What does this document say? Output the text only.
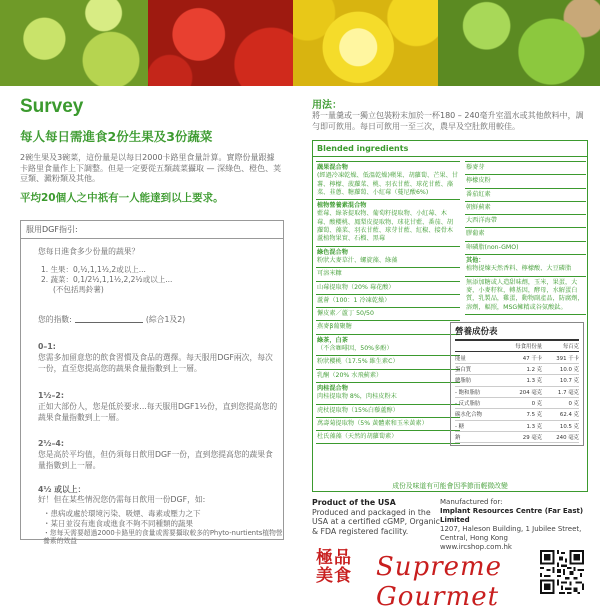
Survey
每人每日需進食2份生果及3份蔬菜
2碗生果及3碗菜，這份量是以每日2000卡路里食量計算。實際份量跟據卡路里食量作上下調整。但是一定要從五類蔬菜攝取 — 深綠色、橙色、荚豆類、澱粉類及其他。
平均20個人之中祇有一人能達到以上要求。
服用DGF指引:
您每日進食多少份量的蔬果？
1. 生果：0,½,1,1½,2或以上...
2. 蔬菜：0,1/2½,1,1½,2,2½或以上...
(不包括馬鈴薯)
您的指數:	(綜合1及2)
0–1:
您需多加留意您的飲食習慣及食品的選擇。每天服用DGF兩次，每次一份，直至您提高您的蔬果食量指數到上一層。
1½–2:
正如大部份人，您是低於要求...每天服用DGF1½份，直到您提高您的蔬果食量指數到上一層。
2½–4:
您是高於平均值，但仍須每日飲用DGF一份，直到您提高您的蔬果食量指數到上一層。
4½ 或以上：
好！但在某些情況您仍需每日飲用一份DGF，如:
・患病或處於環境污染、吸煙、毒素或壓力之下
・某日並沒有進食或進食不夠不同種類的蔬果
・您每天需要超過2000卡路里的食量或需要攝取較多的Phyto-nurtients植物營養素的效益
用法：
將一量羹或一獨立包裝粉末加於一杯180 – 240毫升室溫水或其他飲料中，調勻即可飲用。每日可飲用一至三次，農早及空肚飲用較佳。
Blended ingredients
蔬果混合物
(經過冷凍乾燥、低溫乾燥)蘋果、胡蘿蔔、芒果、甘薯、檸檬、菠蘿菜、桃、羽衣甘藍、球花甘藍、藻菜、韭蔥、糖蘿蔔、小紅莓（蔓尼酸6%)
植物營養素混合物
藍莓、綠茶提取物、葡萄籽提取物、小紅莓、木莓、酸櫻桃、鳳梨皮提取物、球花甘藍、番茄、胡蘿蔔、藻菜、羽衣甘藍、球芽甘藍、紅椒、接骨木蘆植物果實、石榴、黑莓
綠色混合物
粉狀大麥草汁、螺旋藻、綠藻
可溶米糠
山莓提取物（20% 莓花酸）
蘆薈（100：1 冷凍乾燥）
懈皮素／蘆丁 50/50
燕麥β葡聚糖
綠茶，白茶
（不含咖啡因，50%多酚）
粉狀櫻桃（17.5% 維生素C）
乳酮（20% 水飛薊素）
肉桂混合物
肉桂提取物 8%，肉桂皮粉末
虎杖提取物（15%白藜蘆醇）
萬壽菊提取物（5% 黃體素和玉米黃素）
杜氏藻藻（天然的胡蘿蔔素）
藜麥芽
檸檬皮粉
番茄紅素
朝鮮薊素
大西洋海帶
膠葡素
卵磷脂(non-GMO)
其他：
植物提煉天然香料、檸檬酸、大豆磷脂
無添加糖或人造甜味劑，玉米，果蛋，大麥，小麥籽粒，轉基因，酵母，水解蛋白質，乳製品，雞蛋，動物副產品，防腐劑，溶劑，輻照，MSG擁精或谷氨酸鈦。
營養成份表
	每食用份量	每百克
能量	47 千卡	391 千卡
蛋白質	1.2 克	10.0 克
總脂肪	1.3 克	10.7 克
- 飽和脂肪	204 毫克	1.7 毫克
- 反式脂肪	0 克	0 克
碳水化合物	7.5 克	62.4 克
- 糖	1.3 克	10.5 克
鈉	29 毫克	240 毫克
成份及味道有可能會因季節而輕微改變
Product of the USA
Produced and packaged in the USA at a certified cGMP, Organic & FDA registered facility.
Manufactured for:
Implant Resources Centre (Far East) Limited
1207, Haleson Building, 1 Jubilee Street, Central, Hong Kong
www.ircshop.com.hk
極品美食 Supreme Gourmet
